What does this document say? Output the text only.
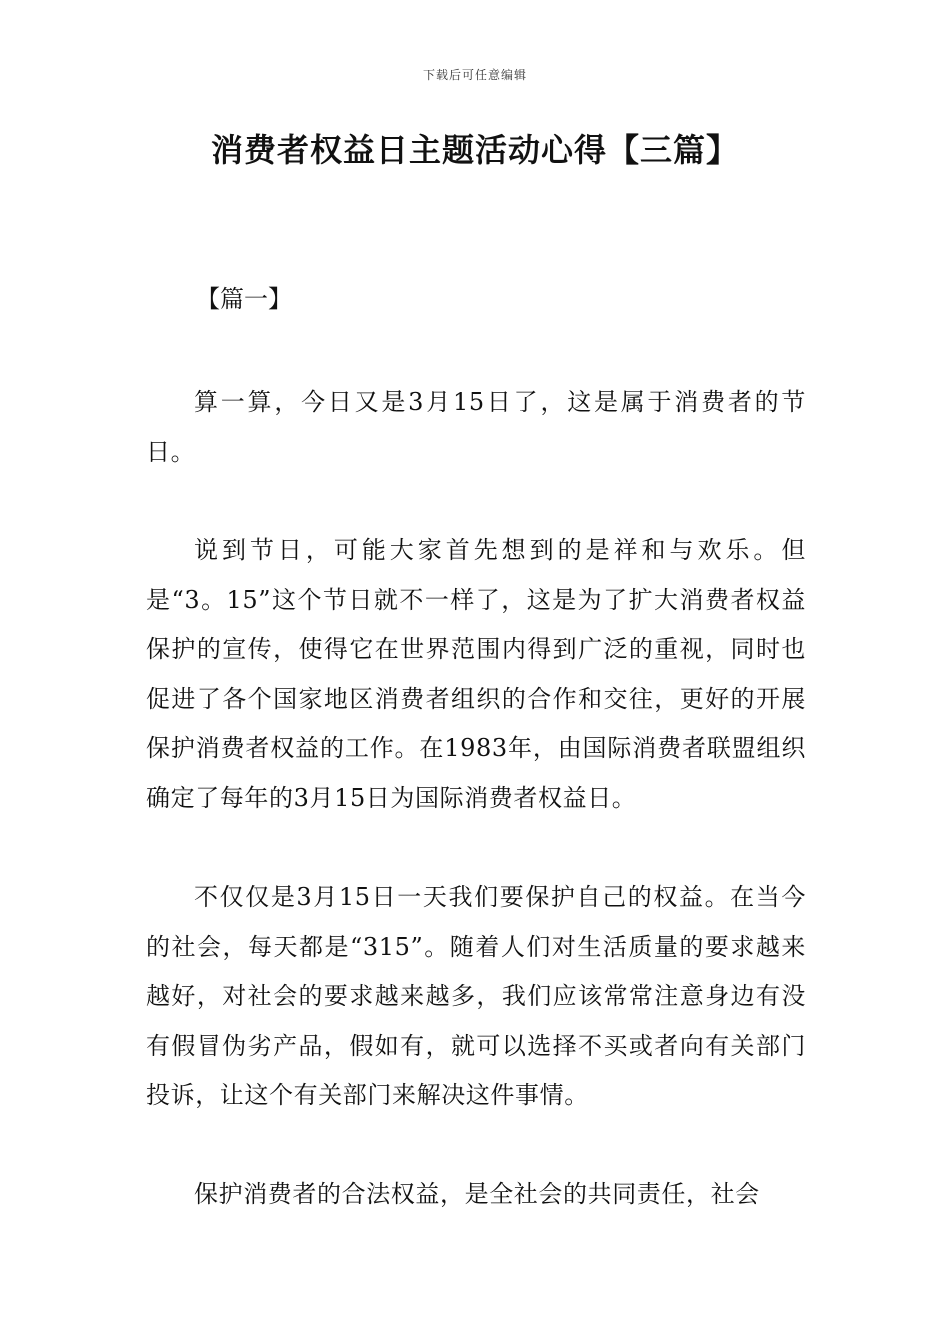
下载后可任意编辑
消费者权益日主题活动心得【三篇】
【篇一】

算一算，今日又是3月15日了，这是属于消费者的节日。

说到节日，可能大家首先想到的是祥和与欢乐。但是“3。15”这个节日就不一样了，这是为了扩大消费者权益保护的宣传，使得它在世界范围内得到广泛的重视，同时也促进了各个国家地区消费者组织的合作和交往，更好的开展保护消费者权益的工作。在1983年，由国际消费者联盟组织确定了每年的3月15日为国际消费者权益日。

不仅仅是3月15日一天我们要保护自己的权益。在当今的社会，每天都是“315”。随着人们对生活质量的要求越来越好，对社会的要求越来越多，我们应该常常注意身边有没有假冒伪劣产品，假如有，就可以选择不买或者向有关部门投诉，让这个有关部门来解决这件事情。

保护消费者的合法权益，是全社会的共同责任，社会
